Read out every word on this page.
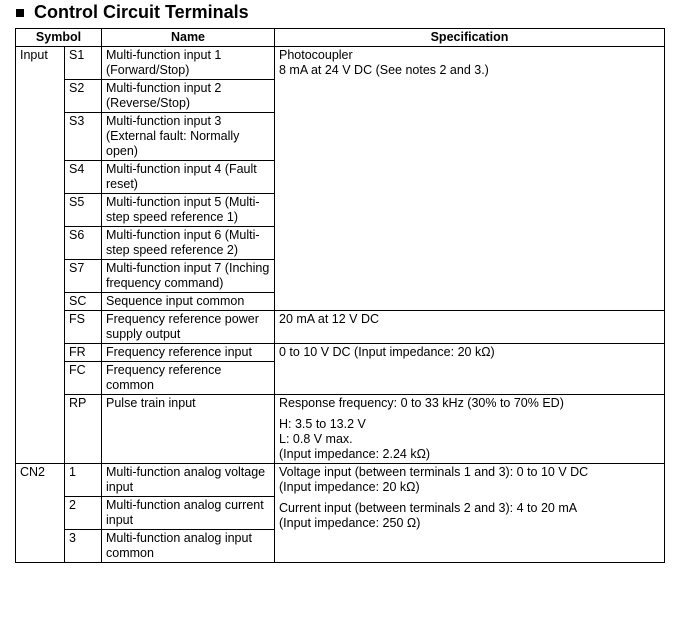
Control Circuit Terminals
Symbol		Name	Specification
Input	S1	Multi-function input 1 (Forward/Stop)	Photocoupler
8 mA at 24 V DC (See notes 2 and 3.)

	S2	Multi-function input 2 (Reverse/Stop)	
	S3	Multi-function input 3 (External fault: Normally open)	
	S4	Multi-function input 4 (Fault reset)	
	S5	Multi-function input 5 (Multi-step speed reference 1)	
	S6	Multi-function input 6 (Multi-step speed reference 2)	
	S7	Multi-function input 7 (Inching frequency command)	
	SC	Sequence input common	
	FS	Frequency reference power supply output	20 mA at 12 V DC
	FR	Frequency reference input	0 to 10 V DC (Input impedance: 20 kΩ)
	FC	Frequency reference common	
	RP	Pulse train input	Response frequency: 0 to 33 kHz (30% to 70% ED)
H: 3.5 to 13.2 V
L: 0.8 V max.
(Input impedance: 2.24 kΩ)

CN2	1	Multi-function analog voltage input	Voltage input (between terminals 1 and 3): 0 to 10 V DC
(Input impedance: 20 kΩ)
Current input (between terminals 2 and 3): 4 to 20 mA
(Input impedance: 250 Ω)

	2	Multi-function analog current input	
	3	Multi-function analog input common	
